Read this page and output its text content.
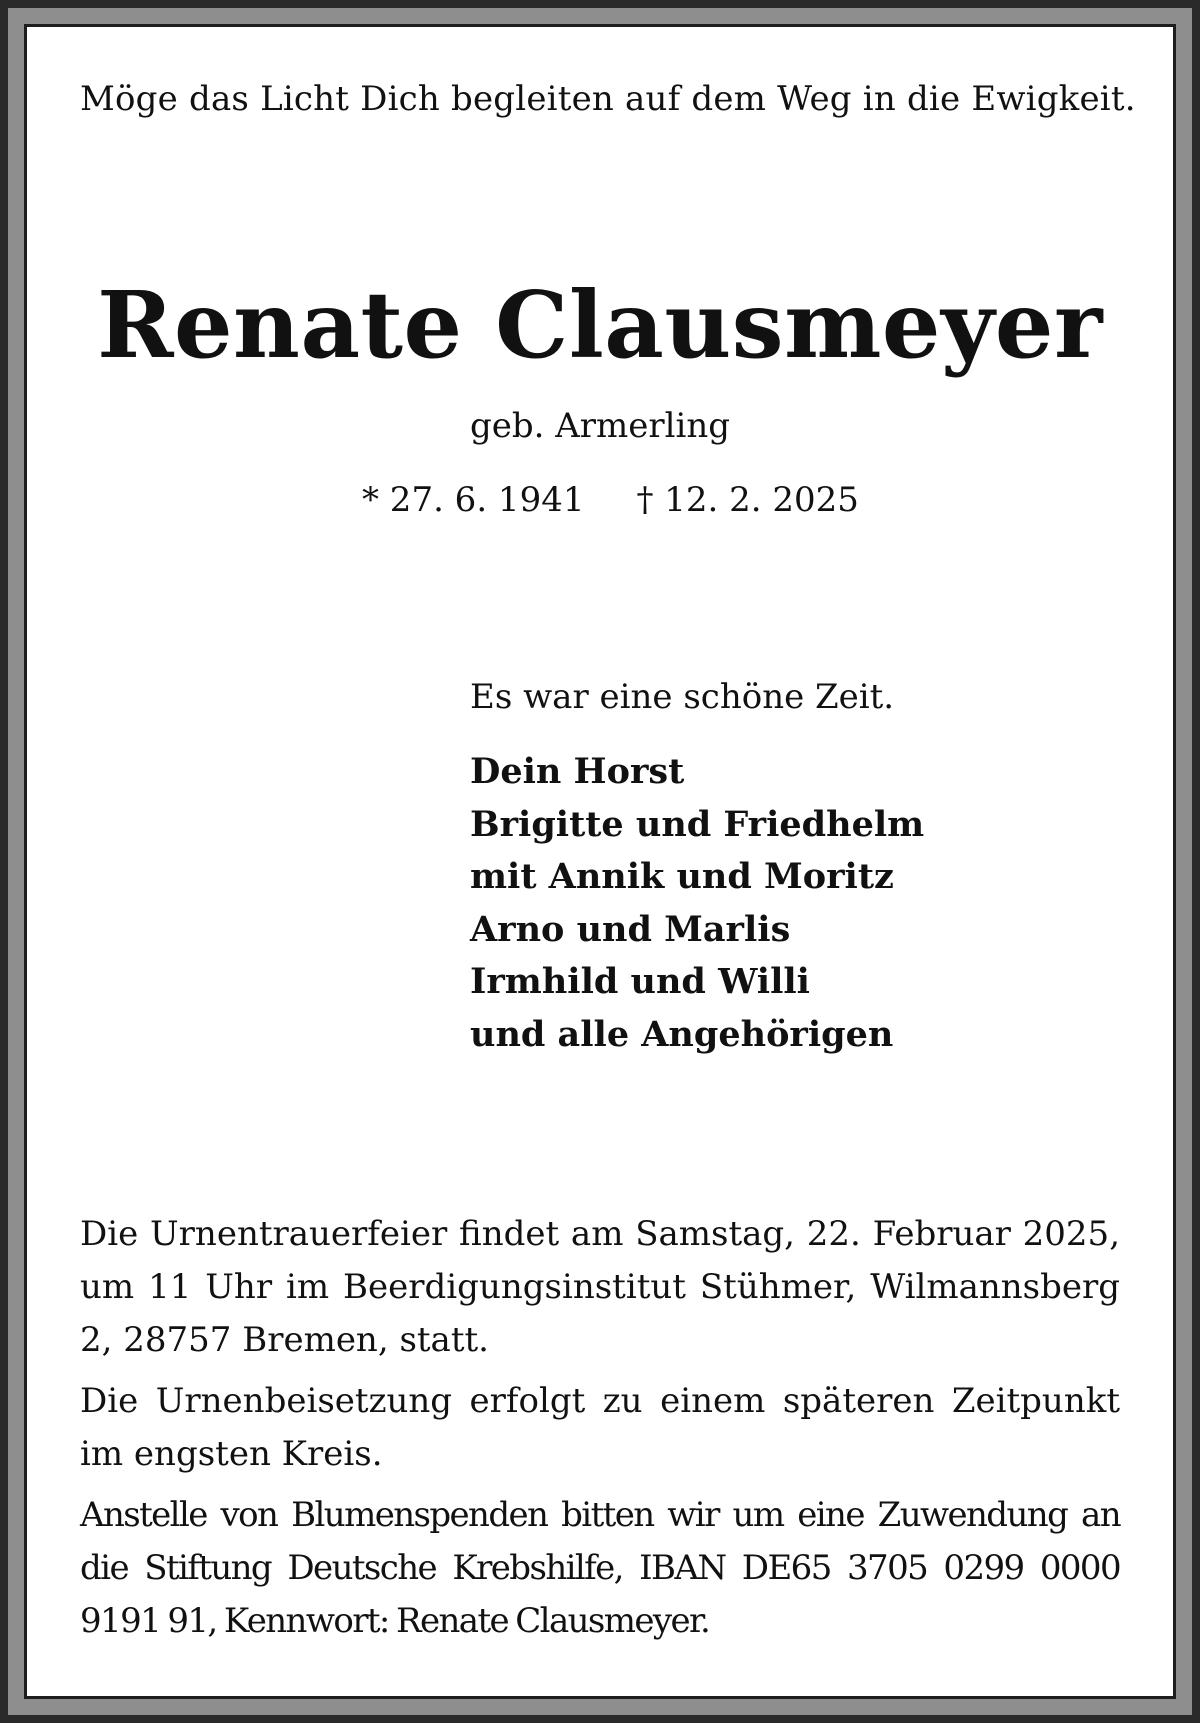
Möge das Licht Dich begleiten auf dem Weg in die Ewigkeit.
Renate Clausmeyer
geb. Armerling
* 27. 6. 1941 † 12. 2. 2025
Es war eine schöne Zeit.
Dein Horst
Brigitte und Friedhelm
mit Annik und Moritz
Arno und Marlis
Irmhild und Willi
und alle Angehörigen

Die Urnentrauerfeier findet am Samstag, 22. Februar 2025, um 11 Uhr im Beerdigungsinstitut Stühmer, Wilmannsberg 2, 28757 Bremen, statt.

Die Urnenbeisetzung erfolgt zu einem späteren Zeitpunkt im engsten Kreis.

Anstelle von Blumenspenden bitten wir um eine Zuwendung an die Stiftung Deutsche Krebshilfe, IBAN DE65 3705 0299 0000 9191 91, Kennwort: Renate Clausmeyer.
